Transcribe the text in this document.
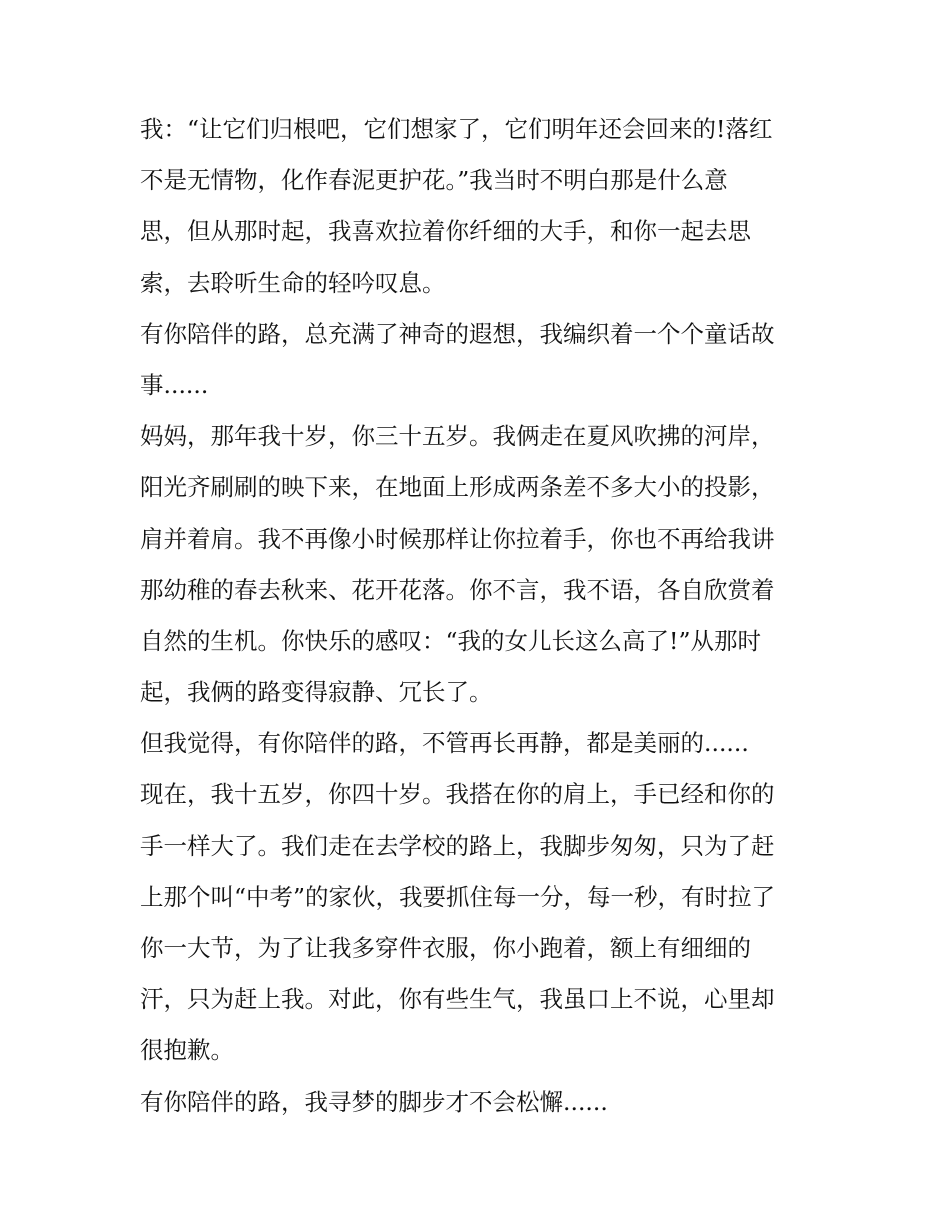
我：“让它们归根吧，它们想家了，它们明年还会回来的!落红
不是无情物，化作春泥更护花。”我当时不明白那是什么意
思，但从那时起，我喜欢拉着你纤细的大手，和你一起去思
索，去聆听生命的轻吟叹息。
有你陪伴的路，总充满了神奇的遐想，我编织着一个个童话故
事......
妈妈，那年我十岁，你三十五岁。我俩走在夏风吹拂的河岸，
阳光齐刷刷的映下来，在地面上形成两条差不多大小的投影，
肩并着肩。我不再像小时候那样让你拉着手，你也不再给我讲
那幼稚的春去秋来、花开花落。你不言，我不语，各自欣赏着
自然的生机。你快乐的感叹：“我的女儿长这么高了!”从那时
起，我俩的路变得寂静、冗长了。
但我觉得，有你陪伴的路，不管再长再静，都是美丽的......
现在，我十五岁，你四十岁。我搭在你的肩上，手已经和你的
手一样大了。我们走在去学校的路上，我脚步匆匆，只为了赶
上那个叫“中考”的家伙，我要抓住每一分，每一秒，有时拉了
你一大节，为了让我多穿件衣服，你小跑着，额上有细细的
汗，只为赶上我。对此，你有些生气，我虽口上不说，心里却
很抱歉。
有你陪伴的路，我寻梦的脚步才不会松懈......
